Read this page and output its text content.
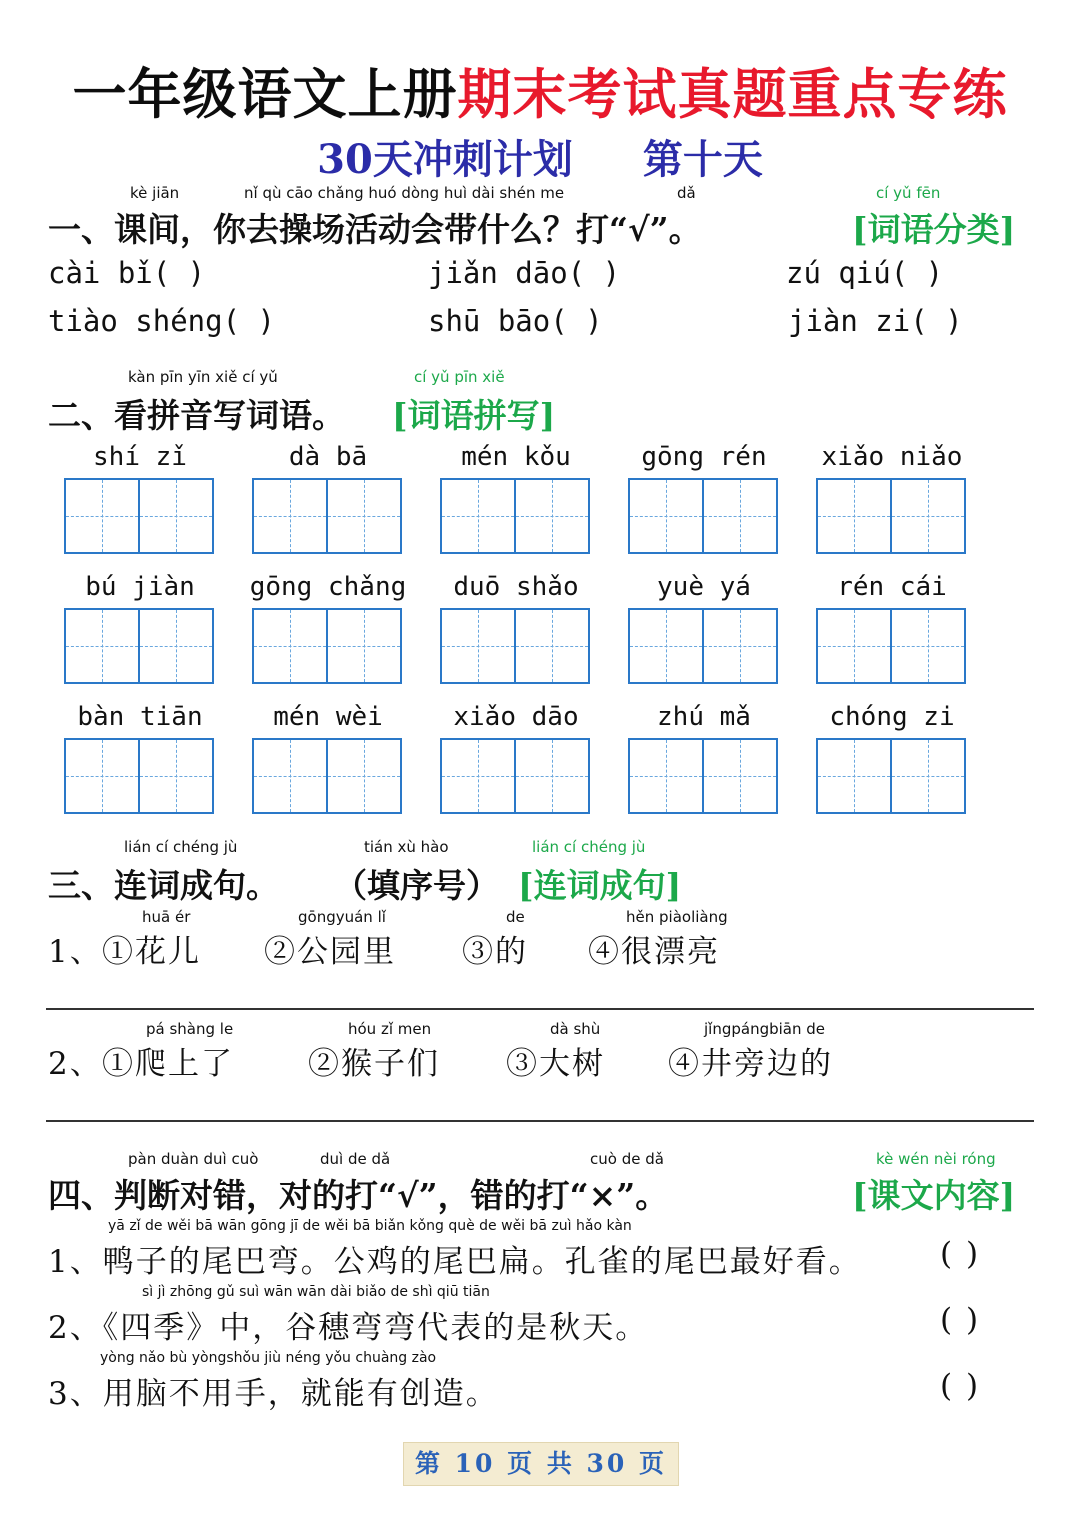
一年级语文上册期末考试真题重点专练
30天冲刺计划 第十天
kè jiān	nǐ qù cāo chǎng huó dòng huì dài shén me	dǎ	cí yǔ fēn
一、课间，你去操场活动会带什么？打“√”。	[词语分类]
cài bǐ( )	jiǎn dāo( )	zú qiú( )
tiào shéng( )	shū bāo( )	jiàn zi( )
kàn pīn yīn xiě cí yǔ	cí yǔ pīn xiě
二、看拼音写词语。 [词语拼写]
shí zǐ	dà bā	mén kǒu	gōng rén	xiǎo niǎo
bú jiàn	gōng chǎng	duō shǎo	yuè yá	rén cái
bàn tiān	mén wèi	xiǎo dāo	zhú mǎ	chóng zi
lián cí chéng jù	tián xù hào	lián cí chéng jù
三、连词成句。 （填序号） [连词成句]
huā ér	gōngyuán lǐ	de	hěn piàoliàng
1、 ①花儿 ②公园里 ③的 ④很漂亮
pá shàng le	hóu zǐ men	dà shù	jǐngpángbiān de
2、 ①爬上了 ②猴子们 ③大树 ④井旁边的
pàn duàn duì cuò	duì de dǎ	cuò de dǎ	kè wén nèi róng
四、判断对错，对的打“√”，错的打“×”。	[课文内容]
yā zǐ de wěi bā wān gōng jī de wěi bā biǎn kǒng què de wěi bā zuì hǎo kàn
1、鸭子的尾巴弯。公鸡的尾巴扁。孔雀的尾巴最好看。	( )
sì jì zhōng gǔ suì wān wān dài biǎo de shì qiū tiān
2、《四季》中，谷穗弯弯代表的是秋天。	( )
yòng nǎo bù yòngshǒu jiù néng yǒu chuàng zào
3、用脑不用手，就能有创造。	( )
第 10 页 共 30 页
